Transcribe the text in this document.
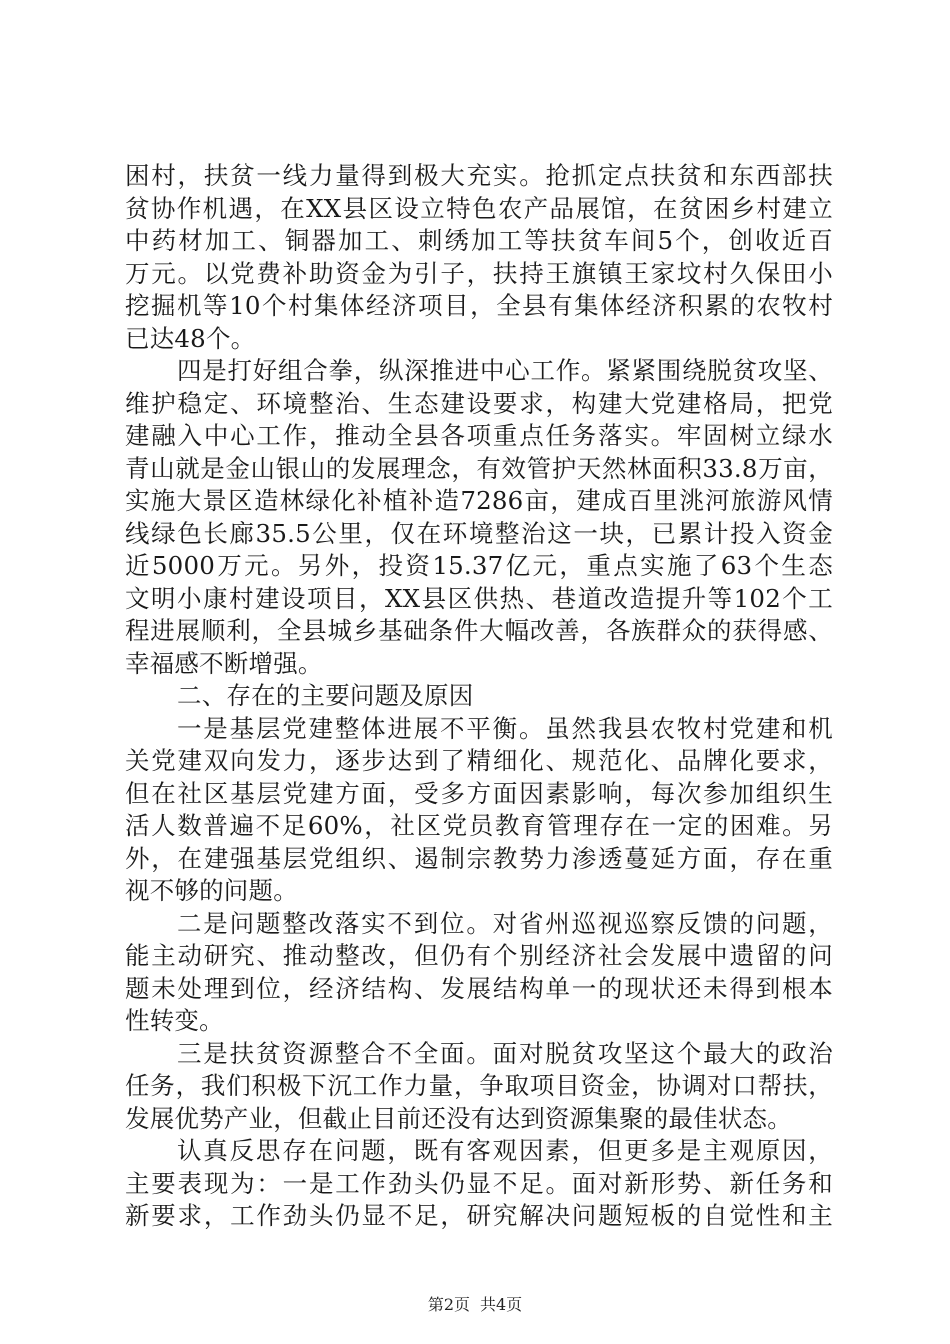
困村，扶贫一线力量得到极大充实。抢抓定点扶贫和东西部扶
贫协作机遇，在XX县区设立特色农产品展馆，在贫困乡村建立
中药材加工、铜器加工、刺绣加工等扶贫车间5个，创收近百
万元。以党费补助资金为引子，扶持王旗镇王家坟村久保田小
挖掘机等10个村集体经济项目，全县有集体经济积累的农牧村
已达48个。
四是打好组合拳，纵深推进中心工作。紧紧围绕脱贫攻坚、
维护稳定、环境整治、生态建设要求，构建大党建格局，把党
建融入中心工作，推动全县各项重点任务落实。牢固树立绿水
青山就是金山银山的发展理念，有效管护天然林面积33.8万亩，
实施大景区造林绿化补植补造7286亩，建成百里洮河旅游风情
线绿色长廊35.5公里，仅在环境整治这一块，已累计投入资金
近5000万元。另外，投资15.37亿元，重点实施了63个生态
文明小康村建设项目，XX县区供热、巷道改造提升等102个工
程进展顺利，全县城乡基础条件大幅改善，各族群众的获得感、
幸福感不断增强。
二、存在的主要问题及原因
一是基层党建整体进展不平衡。虽然我县农牧村党建和机
关党建双向发力，逐步达到了精细化、规范化、品牌化要求，
但在社区基层党建方面，受多方面因素影响，每次参加组织生
活人数普遍不足60%，社区党员教育管理存在一定的困难。另
外，在建强基层党组织、遏制宗教势力渗透蔓延方面，存在重
视不够的问题。
二是问题整改落实不到位。对省州巡视巡察反馈的问题，
能主动研究、推动整改，但仍有个别经济社会发展中遗留的问
题未处理到位，经济结构、发展结构单一的现状还未得到根本
性转变。
三是扶贫资源整合不全面。面对脱贫攻坚这个最大的政治
任务，我们积极下沉工作力量，争取项目资金，协调对口帮扶，
发展优势产业，但截止目前还没有达到资源集聚的最佳状态。
认真反思存在问题，既有客观因素，但更多是主观原因，
主要表现为：一是工作劲头仍显不足。面对新形势、新任务和
新要求，工作劲头仍显不足，研究解决问题短板的自觉性和主
第2页 共4页
